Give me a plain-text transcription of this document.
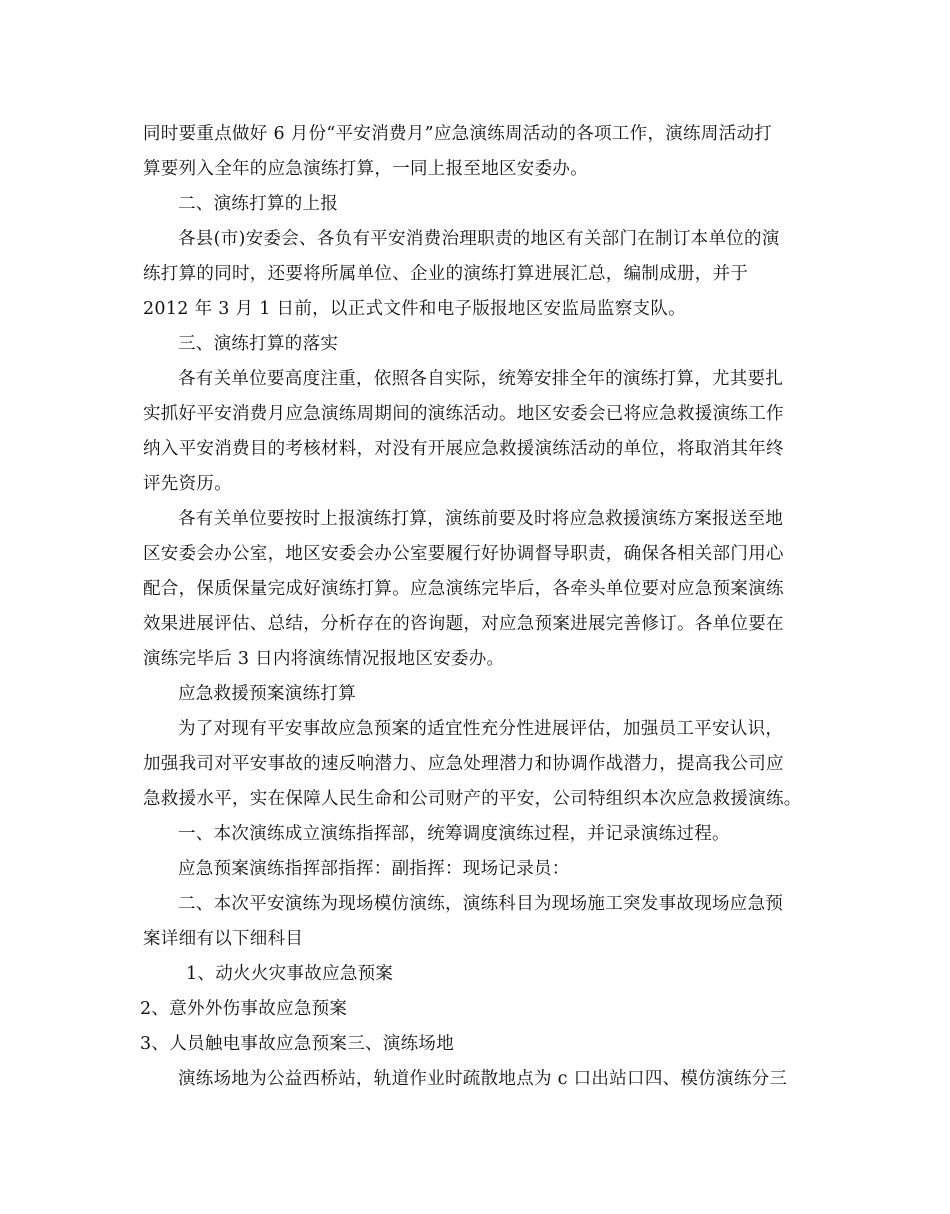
同时要重点做好 6 月份“平安消费月”应急演练周活动的各项工作，演练周活动打
算要列入全年的应急演练打算，一同上报至地区安委办。
二、演练打算的上报
各县(市)安委会、各负有平安消费治理职责的地区有关部门在制订本单位的演
练打算的同时，还要将所属单位、企业的演练打算进展汇总，编制成册，并于
2012 年 3 月 1 日前，以正式文件和电子版报地区安监局监察支队。
三、演练打算的落实
各有关单位要高度注重，依照各自实际，统筹安排全年的演练打算，尤其要扎
实抓好平安消费月应急演练周期间的演练活动。地区安委会已将应急救援演练工作
纳入平安消费目的考核材料，对没有开展应急救援演练活动的单位，将取消其年终
评先资历。
各有关单位要按时上报演练打算，演练前要及时将应急救援演练方案报送至地
区安委会办公室，地区安委会办公室要履行好协调督导职责，确保各相关部门用心
配合，保质保量完成好演练打算。应急演练完毕后，各牵头单位要对应急预案演练
效果进展评估、总结，分析存在的咨询题，对应急预案进展完善修订。各单位要在
演练完毕后 3 日内将演练情况报地区安委办。
应急救援预案演练打算
为了对现有平安事故应急预案的适宜性充分性进展评估，加强员工平安认识，
加强我司对平安事故的速反响潜力、应急处理潜力和协调作战潜力，提高我公司应
急救援水平，实在保障人民生命和公司财产的平安，公司特组织本次应急救援演练。
一、本次演练成立演练指挥部，统筹调度演练过程，并记录演练过程。
应急预案演练指挥部指挥：副指挥：现场记录员：
二、本次平安演练为现场模仿演练，演练科目为现场施工突发事故现场应急预
案详细有以下细科目
1、动火火灾事故应急预案
2、意外外伤事故应急预案
3、人员触电事故应急预案三、演练场地
演练场地为公益西桥站，轨道作业时疏散地点为 c 口出站口四、模仿演练分三
